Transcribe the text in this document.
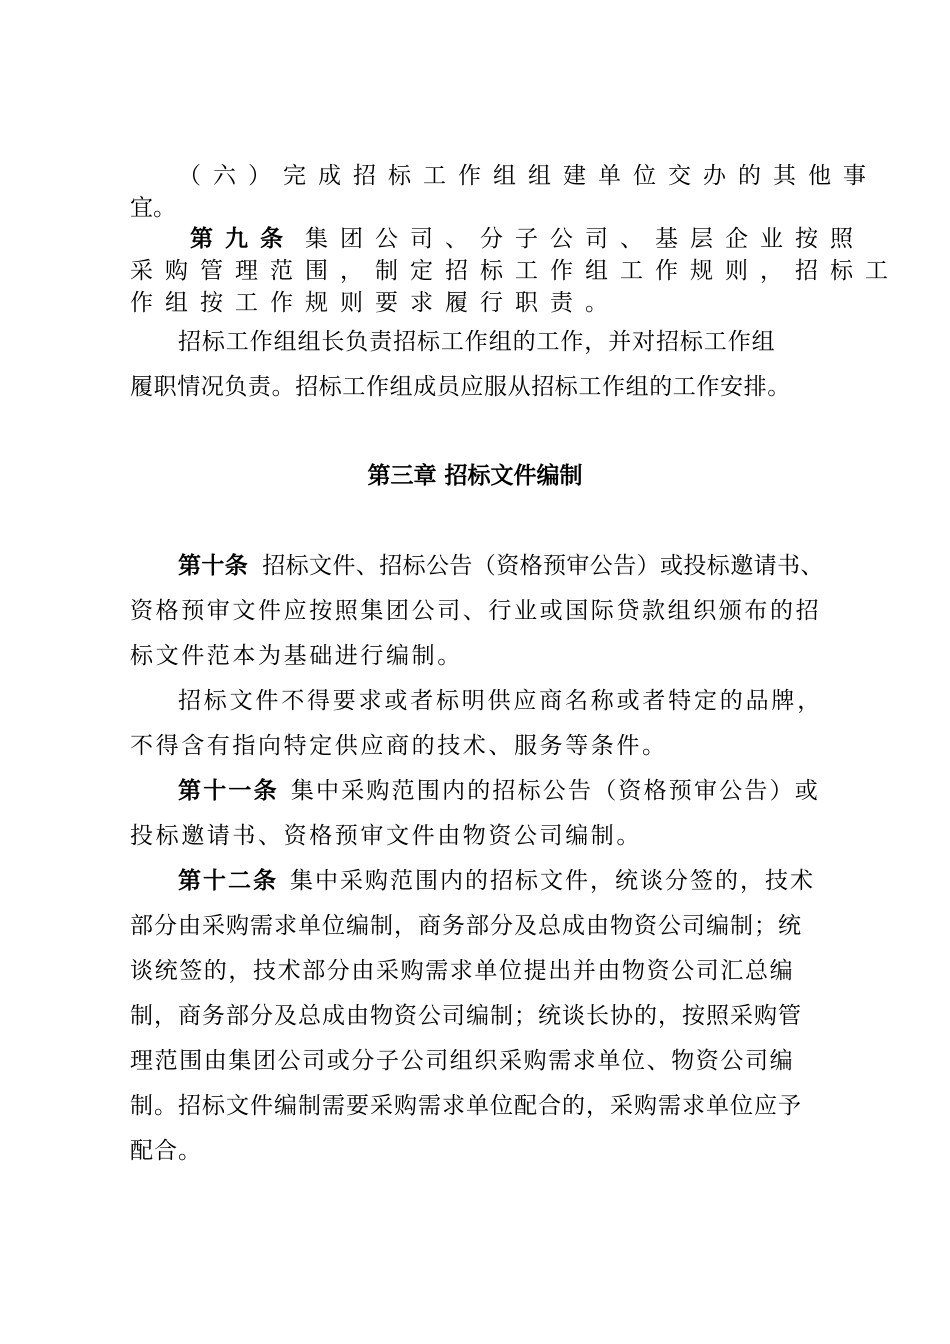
（六）完成招标工作组组建单位交办的其他事

宜。

第九条 集团公司、分子公司、基层企业按照

采购管理范围，制定招标工作组工作规则，招标工

作组按工作规则要求履行职责。

招标工作组组长负责招标工作组的工作，并对招标工作组

履职情况负责。招标工作组成员应服从招标工作组的工作安排。

第三章 招标文件编制

第十条 招标文件、招标公告（资格预审公告）或投标邀请书、

资格预审文件应按照集团公司、行业或国际贷款组织颁布的招

标文件范本为基础进行编制。

招标文件不得要求或者标明供应商名称或者特定的品牌，

不得含有指向特定供应商的技术、服务等条件。

第十一条 集中采购范围内的招标公告（资格预审公告）或

投标邀请书、资格预审文件由物资公司编制。

第十二条 集中采购范围内的招标文件，统谈分签的，技术

部分由采购需求单位编制，商务部分及总成由物资公司编制；统

谈统签的，技术部分由采购需求单位提出并由物资公司汇总编

制，商务部分及总成由物资公司编制；统谈长协的，按照采购管

理范围由集团公司或分子公司组织采购需求单位、物资公司编

制。招标文件编制需要采购需求单位配合的，采购需求单位应予

配合。
